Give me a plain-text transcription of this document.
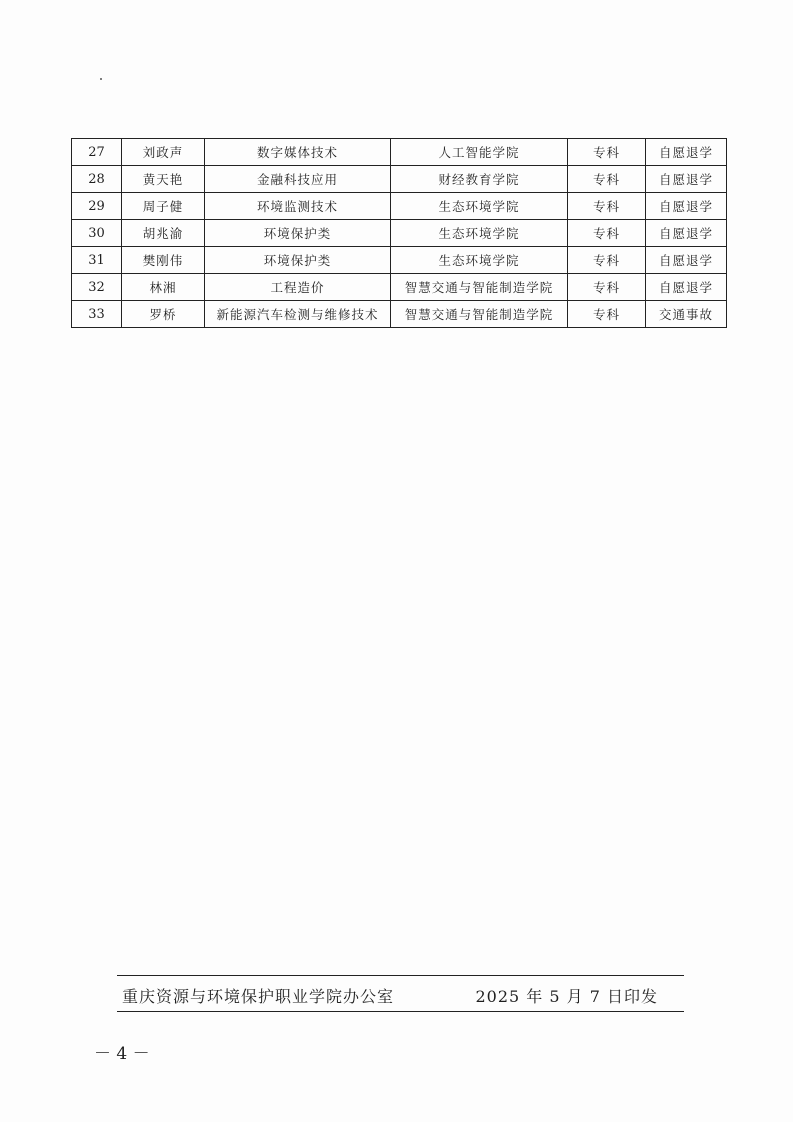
27	刘政声	数字媒体技术	人工智能学院	专科	自愿退学
28	黄天艳	金融科技应用	财经教育学院	专科	自愿退学
29	周子健	环境监测技术	生态环境学院	专科	自愿退学
30	胡兆渝	环境保护类	生态环境学院	专科	自愿退学
31	樊刚伟	环境保护类	生态环境学院	专科	自愿退学
32	林湘	工程造价	智慧交通与智能制造学院	专科	自愿退学
33	罗桥	新能源汽车检测与维修技术	智慧交通与智能制造学院	专科	交通事故
重庆资源与环境保护职业学院办公室	2025 年 5 月 7 日印发
－ 4 －
